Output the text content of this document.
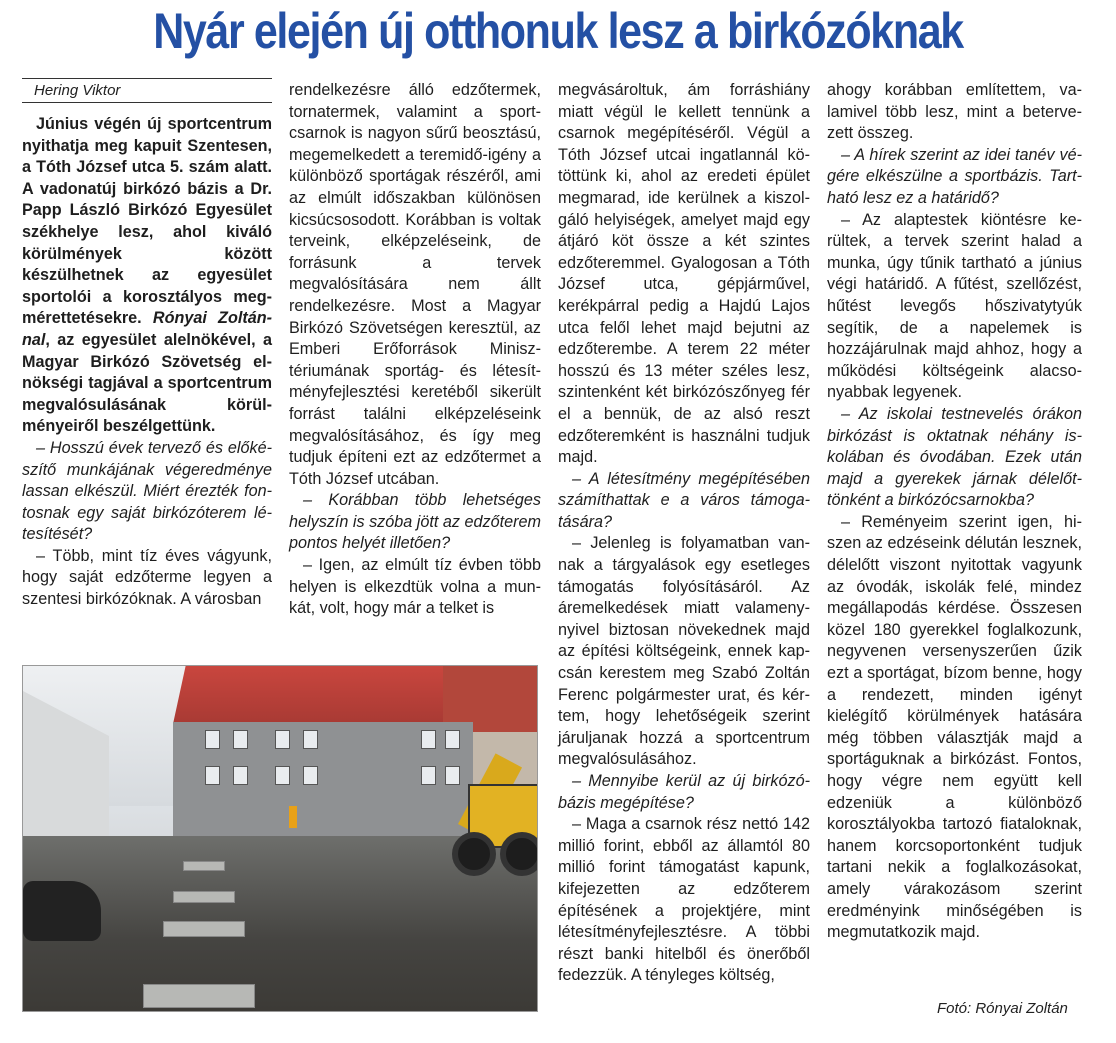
Nyár elején új otthonuk lesz a birkózóknak
Hering Viktor

Június végén új sportcentrum nyithatja meg kapuit Szentesen, a Tóth József utca 5. szám alatt. A vadonatúj birkózó bázis a Dr. Papp László Birkózó Egyesület székhelye lesz, ahol kiváló körülmények között készülhetnek az egyesület sportolói a korosztályos megmérettetésekre. Rónyai Zoltánnal, az egyesület alelnökével, a Magyar Birkózó Szövetség elnökségi tagjával a sportcentrum megvalósulásának körülményeiről beszélgettünk.

– Hosszú évek tervező és előkészítő munkájának végeredménye lassan elkészül. Miért érezték fontosnak egy saját birkózóterem létesítését?

– Több, mint tíz éves vágyunk, hogy saját edzőterme legyen a szentesi birkózóknak. A városban

rendelkezésre álló edzőtermek, tornatermek, valamint a sportcsarnok is nagyon sűrű beosztású, megemelkedett a teremidő-igény a különböző sportágak részéről, ami az elmúlt időszakban különösen kicsúcsosodott. Korábban is voltak terveink, elképzeléseink, de forrásunk a tervek megvalósítására nem állt rendelkezésre. Most a Magyar Birkózó Szövetségen keresztül, az Emberi Erőforrások Minisztériumának sportág- és létesítményfejlesztési keretéből sikerült forrást találni elképzeléseink megvalósításához, és így meg tudjuk építeni ezt az edzőtermet a Tóth József utcában.

– Korábban több lehetséges helyszín is szóba jött az edzőterem pontos helyét illetően?

– Igen, az elmúlt tíz évben több helyen is elkezdtük volna a munkát, volt, hogy már a telket is

megvásároltuk, ám forráshiány miatt végül le kellett tennünk a csarnok megépítéséről. Végül a Tóth József utcai ingatlannál kötöttünk ki, ahol az eredeti épület megmarad, ide kerülnek a kiszolgáló helyiségek, amelyet majd egy átjáró köt össze a két szintes edzőteremmel. Gyalogosan a Tóth József utca, gépjárművel, kerékpárral pedig a Hajdú Lajos utca felől lehet majd bejutni az edzőterembe. A terem 22 méter hosszú és 13 méter széles lesz, szintenként két birkózószőnyeg fér el a bennük, de az alsó reszt edzőteremként is használni tudjuk majd.

– A létesítmény megépítésében számíthattak e a város támogatására?

– Jelenleg is folyamatban vannak a tárgyalások egy esetleges támogatás folyósításáról. Az áremelkedések miatt valamenynyivel biztosan növekednek majd az építési költségeink, ennek kapcsán kerestem meg Szabó Zoltán Ferenc polgármester urat, és kértem, hogy lehetőségeik szerint járuljanak hozzá a sportcentrum megvalósulásához.

– Mennyibe kerül az új birkózóbázis megépítése?

– Maga a csarnok rész nettó 142 millió forint, ebből az államtól 80 millió forint támogatást kapunk, kifejezetten az edzőterem építésének a projektjére, mint létesítményfejlesztésre. A többi részt banki hitelből és önerőből fedezzük. A tényleges költség,

ahogy korábban említettem, valamivel több lesz, mint a betervezett összeg.

– A hírek szerint az idei tanév végére elkészülne a sportbázis. Tartható lesz ez a határidő?

– Az alaptestek kiöntésre kerültek, a tervek szerint halad a munka, úgy tűnik tartható a június végi határidő. A fűtést, szellőzést, hűtést levegős hőszivatytyúk segítik, de a napelemek is hozzájárulnak majd ahhoz, hogy a működési költségeink alacsonyabbak legyenek.

– Az iskolai testnevelés órákon birkózást is oktatnak néhány iskolában és óvodában. Ezek után majd a gyerekek járnak délelőttönként a birkózócsarnokba?

– Reményeim szerint igen, hiszen az edzéseink délután lesznek, délelőtt viszont nyitottak vagyunk az óvodák, iskolák felé, mindez megállapodás kérdése. Összesen közel 180 gyerekkel foglalkozunk, negyvenen versenyszerűen űzik ezt a sportágat, bízom benne, hogy a rendezett, minden igényt kielégítő körülmények hatására még többen választják majd a sportáguknak a birkózást. Fontos, hogy végre nem együtt kell edzeniük a különböző korosztályokba tartozó fiataloknak, hanem korcsoportonként tudjuk tartani nekik a foglalkozásokat, amely várakozásom szerint eredményink minőségében is megmutatkozik majd.

Fotó: Rónyai Zoltán
